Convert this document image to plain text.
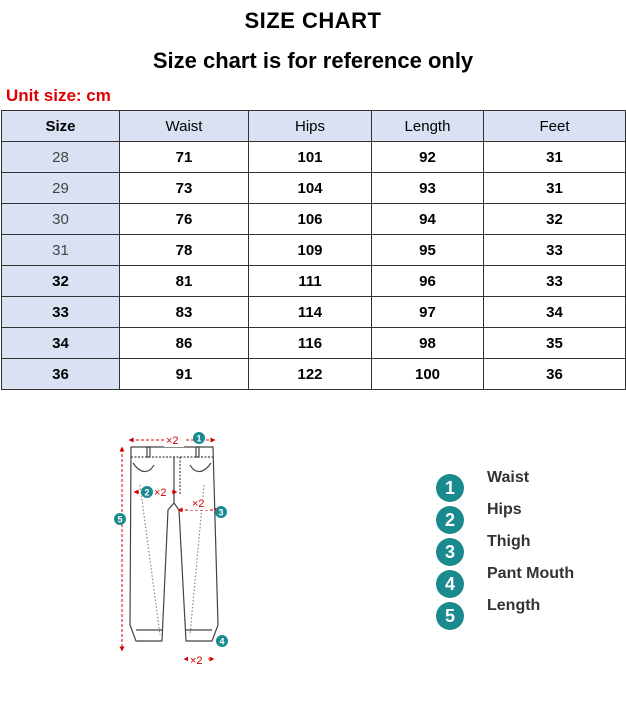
SIZE CHART
Size chart is for reference only
Unit size: cm
Size	Waist	Hips	Length	Feet
28	71	101	92	31
29	73	104	93	31
30	76	106	94	32
31	78	109	95	33
32	81	111	96	33
33	83	114	97	34
34	86	116	98	35
36	91	122	100	36
×2 1
×2
2
×2
3
5
×2
4
1	Waist
2	Hips
3	Thigh
4	Pant Mouth
5	Length
